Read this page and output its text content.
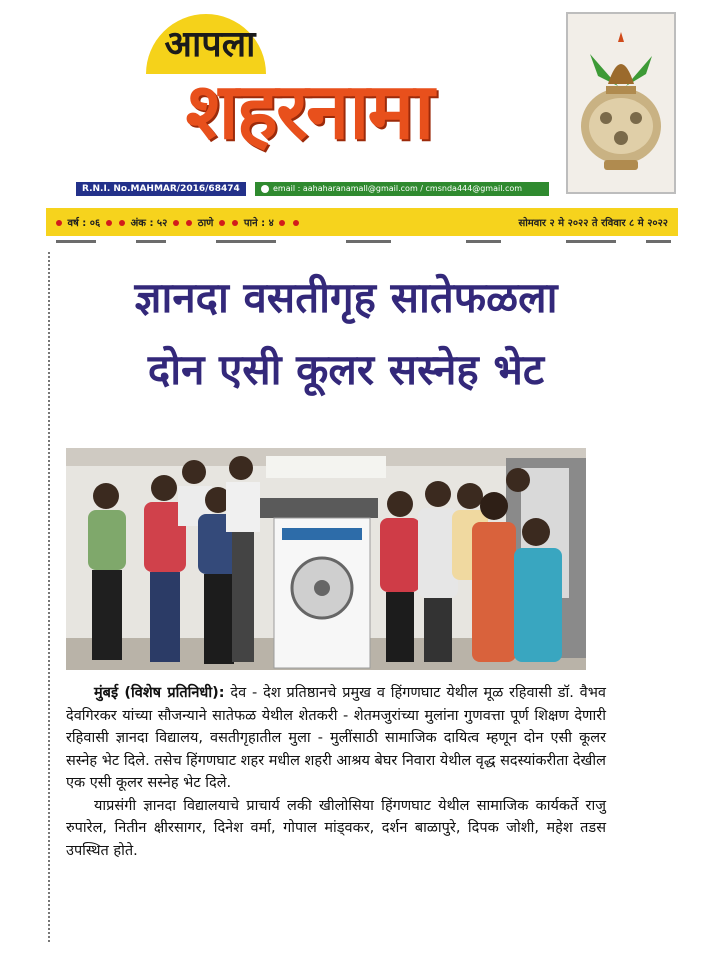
आपला
शहरनामा
R.N.I. No.MAHMAR/2016/68474	email : aahaharanamall@gmail.com / cmsnda444@gmail.com
वर्ष : ०६	अंक : ५२	ठाणे	पाने : ४	सोमवार २ मे २०२२ ते रविवार ८ मे २०२२
ज्ञानदा वसतीगृह सातेफळला
दोन एसी कूलर सस्नेह भेट

मुंबई (विशेष प्रतिनिधी): देव - देश प्रतिष्ठानचे प्रमुख व हिंगणघाट येथील मूळ रहिवासी डॉ. वैभव देवगिरकर यांच्या सौजन्याने सातेफळ येथील शेतकरी - शेतमजुरांच्या मुलांना गुणवत्ता पूर्ण शिक्षण देणारी रहिवासी ज्ञानदा विद्यालय, वसतीगृहातील मुला - मुलींसाठी सामाजिक दायित्व म्हणून दोन एसी कूलर सस्नेह भेट दिले. तसेच हिंगणघाट शहर मधील शहरी आश्रय बेघर निवारा येथील वृद्ध सदस्यांकरीता देखील एक एसी कूलर सस्नेह भेट दिले.

याप्रसंगी ज्ञानदा विद्यालयाचे प्राचार्य लकी खीलोसिया हिंगणघाट येथील सामाजिक कार्यकर्ते राजु रुपारेल, नितीन क्षीरसागर, दिनेश वर्मा, गोपाल मांड्वकर, दर्शन बाळापुरे, दिपक जोशी, महेश तडस उपस्थित होते.
